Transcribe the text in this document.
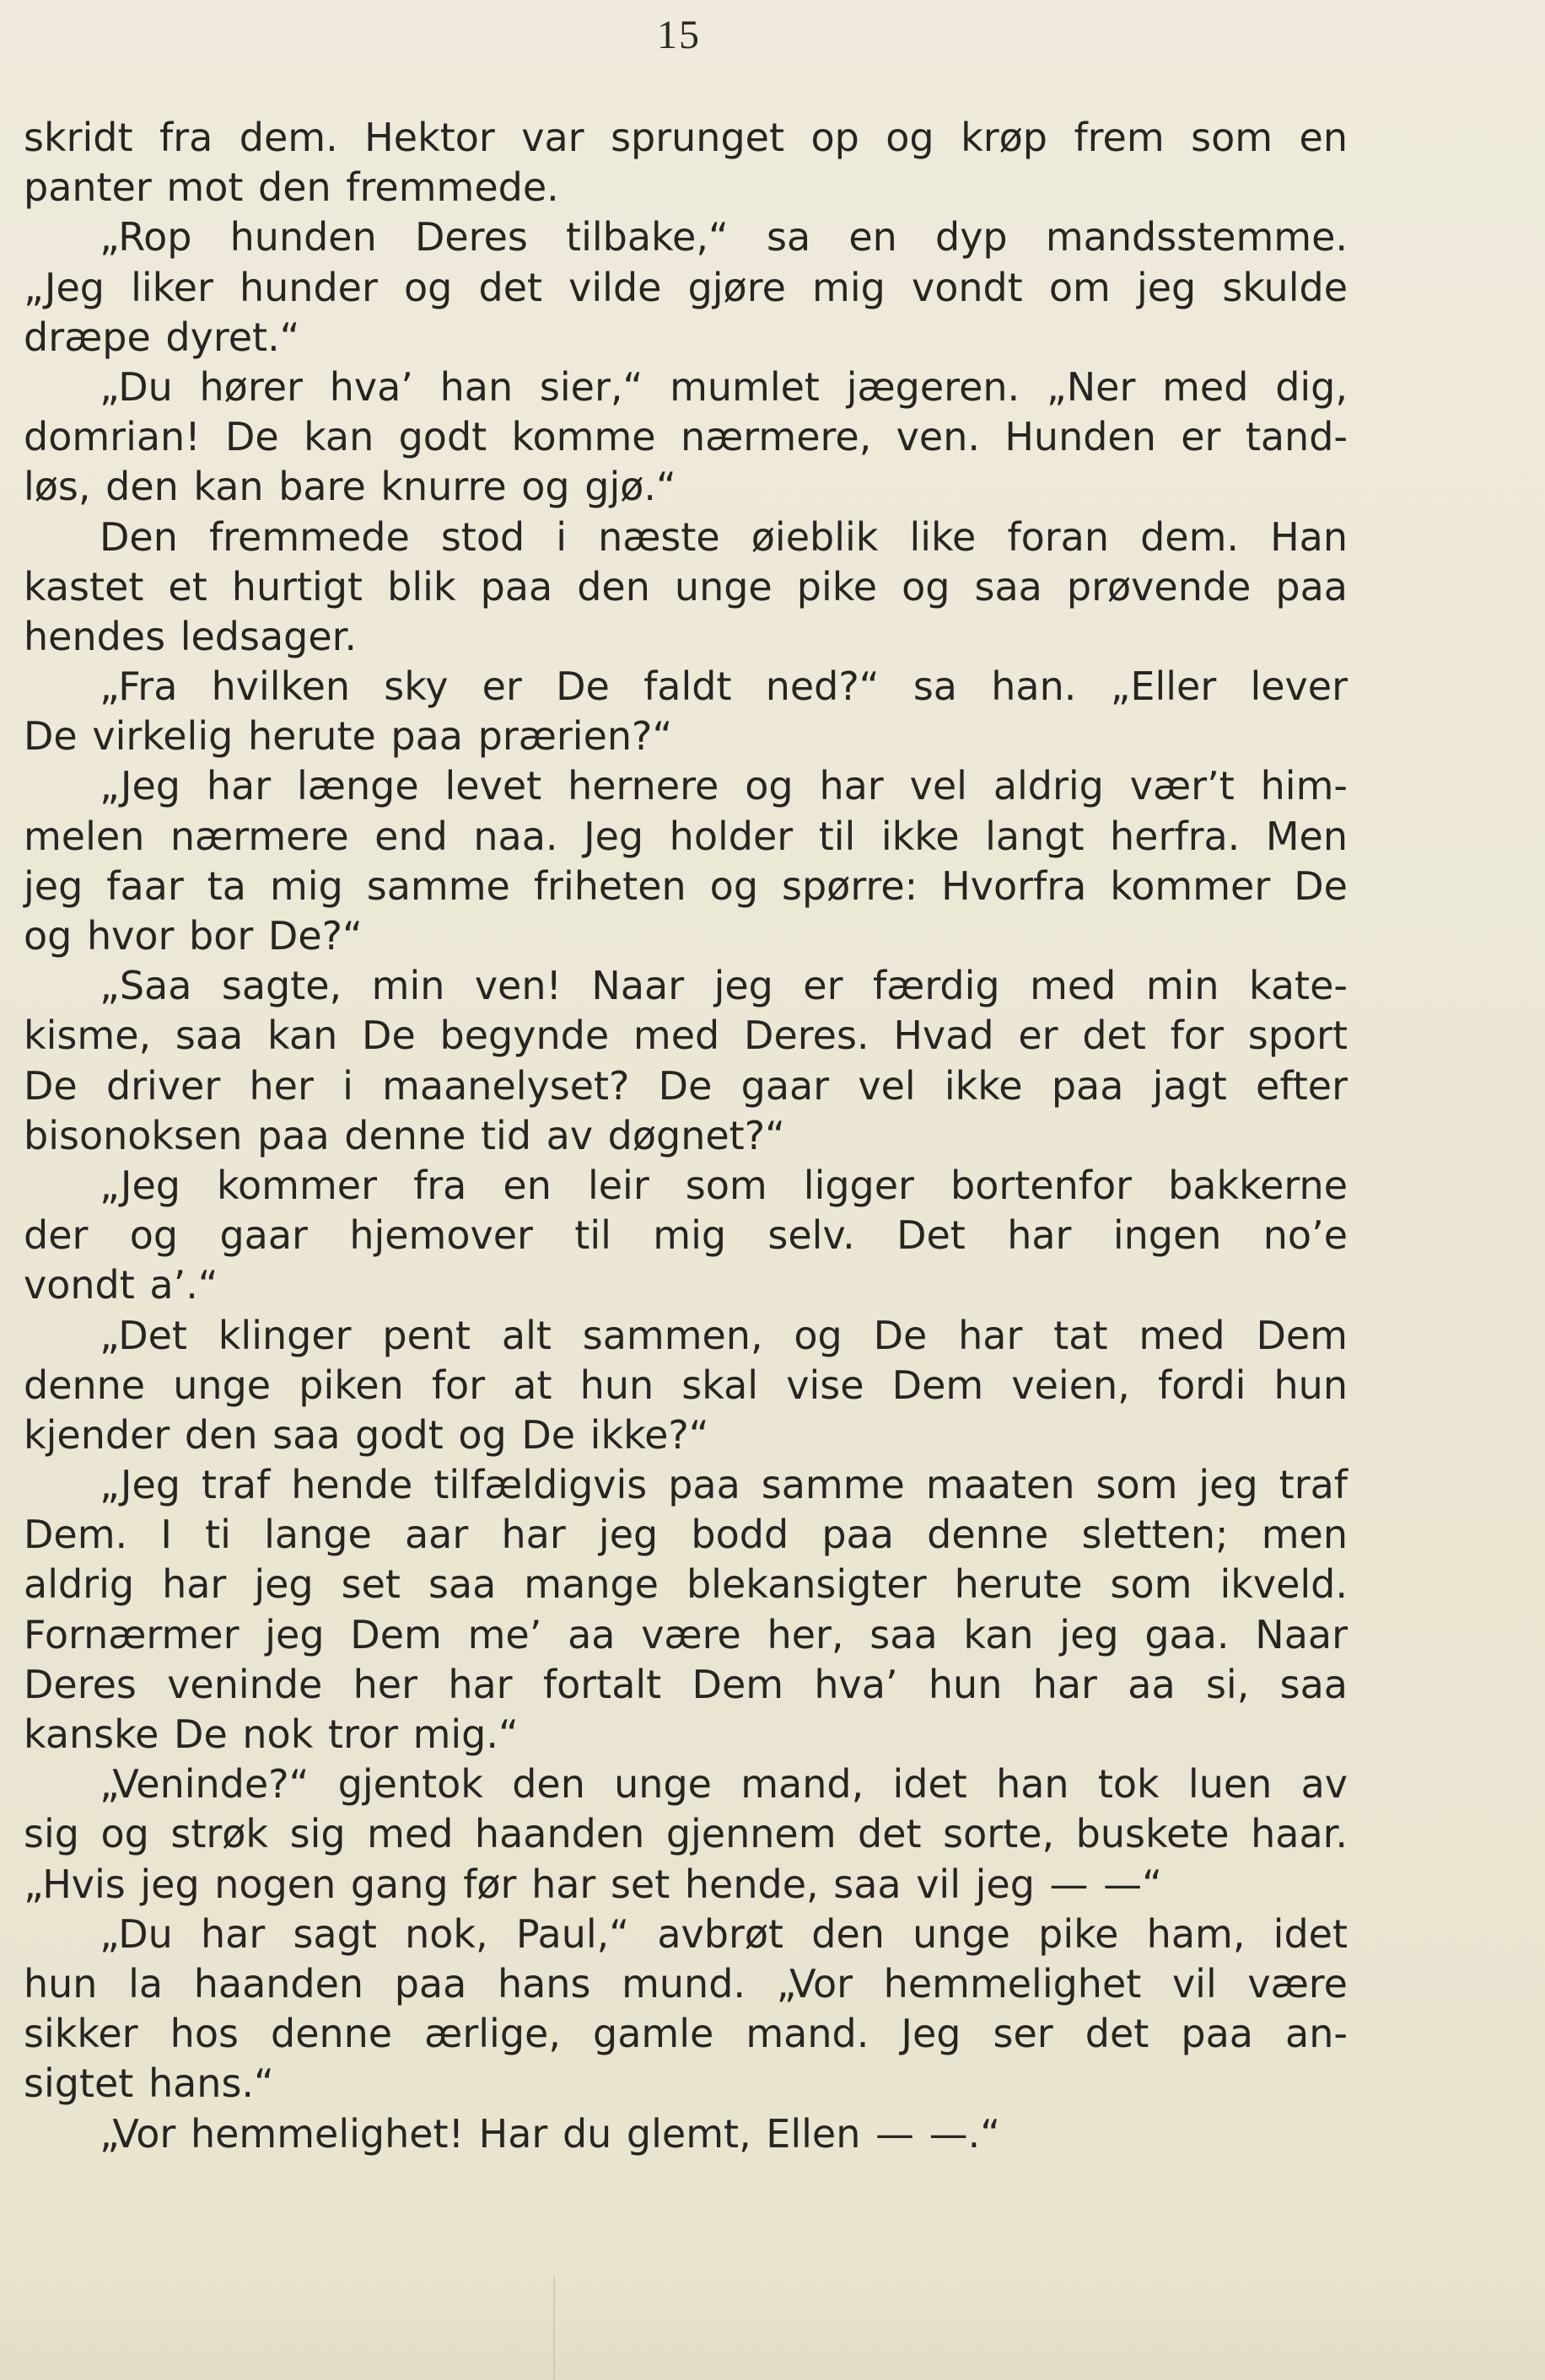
15
skridt fra dem. Hektor var sprunget op og krøp frem som en
panter mot den fremmede.
„Rop hunden Deres tilbake,“ sa en dyp mandsstemme.
„Jeg liker hunder og det vilde gjøre mig vondt om jeg skulde
dræpe dyret.“
„Du hører hva’ han sier,“ mumlet jægeren. „Ner med dig,
domrian! De kan godt komme nærmere, ven. Hunden er tand-
løs, den kan bare knurre og gjø.“
Den fremmede stod i næste øieblik like foran dem. Han
kastet et hurtigt blik paa den unge pike og saa prøvende paa
hendes ledsager.
„Fra hvilken sky er De faldt ned?“ sa han. „Eller lever
De virkelig herute paa prærien?“
„Jeg har længe levet hernere og har vel aldrig vær’t him-
melen nærmere end naa. Jeg holder til ikke langt herfra. Men
jeg faar ta mig samme friheten og spørre: Hvorfra kommer De
og hvor bor De?“
„Saa sagte, min ven! Naar jeg er færdig med min kate-
kisme, saa kan De begynde med Deres. Hvad er det for sport
De driver her i maanelyset? De gaar vel ikke paa jagt efter
bisonoksen paa denne tid av døgnet?“
„Jeg kommer fra en leir som ligger bortenfor bakkerne
der og gaar hjemover til mig selv. Det har ingen no’e
vondt a’.“
„Det klinger pent alt sammen, og De har tat med Dem
denne unge piken for at hun skal vise Dem veien, fordi hun
kjender den saa godt og De ikke?“
„Jeg traf hende tilfældigvis paa samme maaten som jeg traf
Dem. I ti lange aar har jeg bodd paa denne sletten; men
aldrig har jeg set saa mange blekansigter herute som ikveld.
Fornærmer jeg Dem me’ aa være her, saa kan jeg gaa. Naar
Deres veninde her har fortalt Dem hva’ hun har aa si, saa
kanske De nok tror mig.“
„Veninde?“ gjentok den unge mand, idet han tok luen av
sig og strøk sig med haanden gjennem det sorte, buskete haar.
„Hvis jeg nogen gang før har set hende, saa vil jeg — —“
„Du har sagt nok, Paul,“ avbrøt den unge pike ham, idet
hun la haanden paa hans mund. „Vor hemmelighet vil være
sikker hos denne ærlige, gamle mand. Jeg ser det paa an-
sigtet hans.“
„Vor hemmelighet! Har du glemt, Ellen — —.“
